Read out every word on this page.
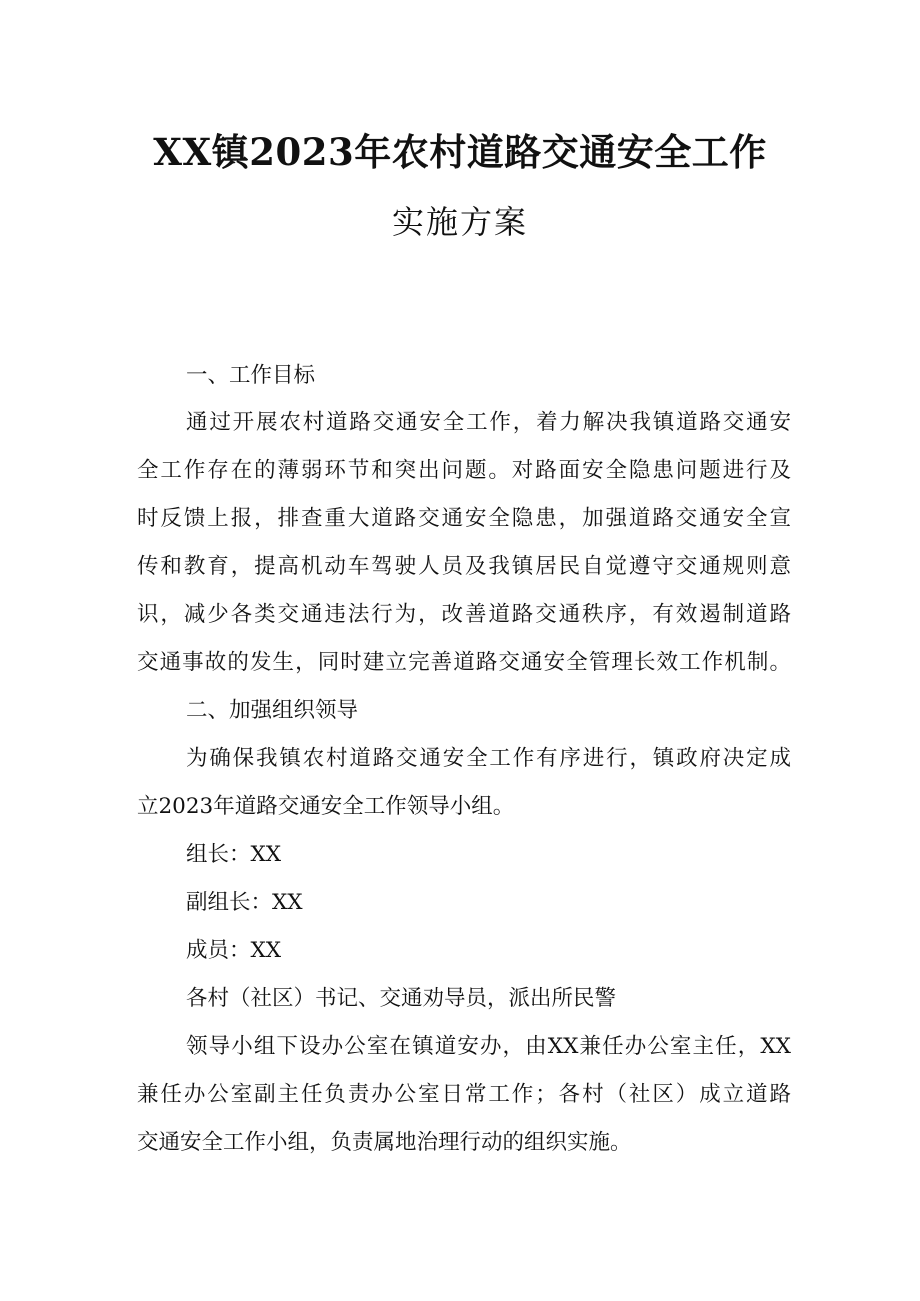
XX镇2023年农村道路交通安全工作
实施方案
一、工作目标
通过开展农村道路交通安全工作，着力解决我镇道路交通安
全工作存在的薄弱环节和突出问题。对路面安全隐患问题进行及
时反馈上报，排查重大道路交通安全隐患，加强道路交通安全宣
传和教育，提高机动车驾驶人员及我镇居民自觉遵守交通规则意
识，减少各类交通违法行为，改善道路交通秩序，有效遏制道路
交通事故的发生，同时建立完善道路交通安全管理长效工作机制。
二、加强组织领导
为确保我镇农村道路交通安全工作有序进行，镇政府决定成
立2023年道路交通安全工作领导小组。
组长：XX
副组长：XX
成员：XX
各村（社区）书记、交通劝导员，派出所民警
领导小组下设办公室在镇道安办，由XX兼任办公室主任，XX
兼任办公室副主任负责办公室日常工作；各村（社区）成立道路
交通安全工作小组，负责属地治理行动的组织实施。
